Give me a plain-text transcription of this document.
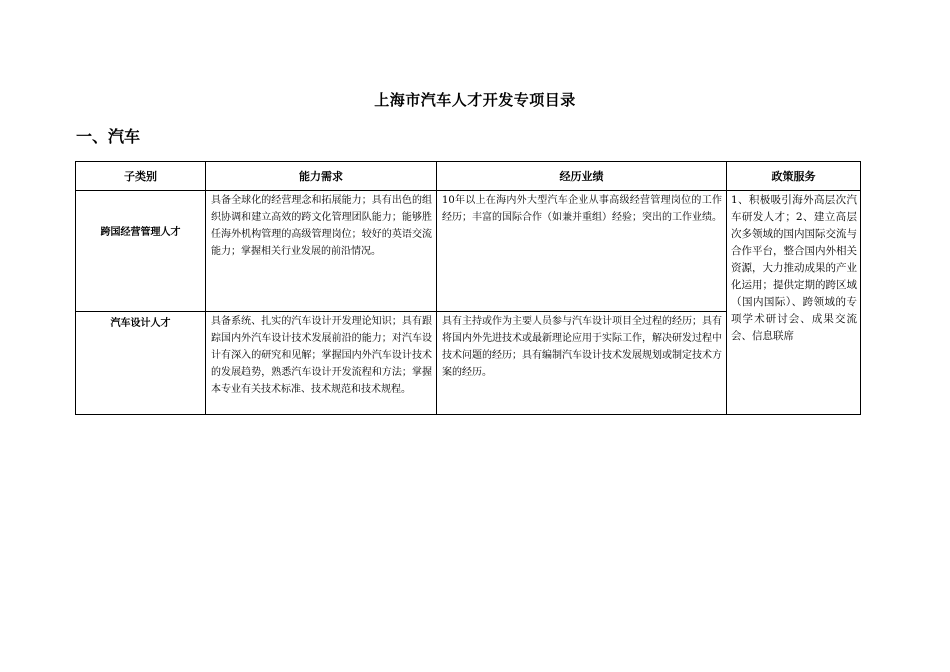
上海市汽车人才开发专项目录
一、汽车
子类别	能力需求	经历业绩	政策服务
跨国经营管理人才	具备全球化的经营理念和拓展能力；具有出色的组织协调和建立高效的跨文化管理团队能力；能够胜任海外机构管理的高级管理岗位；较好的英语交流能力；掌握相关行业发展的前沿情况。	10年以上在海内外大型汽车企业从事高级经营管理岗位的工作经历；丰富的国际合作（如兼并重组）经验；突出的工作业绩。	1、积极吸引海外高层次汽车研发人才；2、建立高层次多领域的国内国际交流与合作平台，整合国内外相关资源，大力推动成果的产业化运用；提供定期的跨区域（国内国际）、跨领域的专项学术研讨会、成果交流会、信息联席

汽车设计人才	具备系统、扎实的汽车设计开发理论知识；具有跟踪国内外汽车设计技术发展前沿的能力；对汽车设计有深入的研究和见解；掌握国内外汽车设计技术的发展趋势，熟悉汽车设计开发流程和方法；掌握本专业有关技术标准、技术规范和技术规程。	具有主持或作为主要人员参与汽车设计项目全过程的经历；具有将国内外先进技术或最新理论应用于实际工作，解决研发过程中技术问题的经历；具有编制汽车设计技术发展规划或制定技术方案的经历。	
